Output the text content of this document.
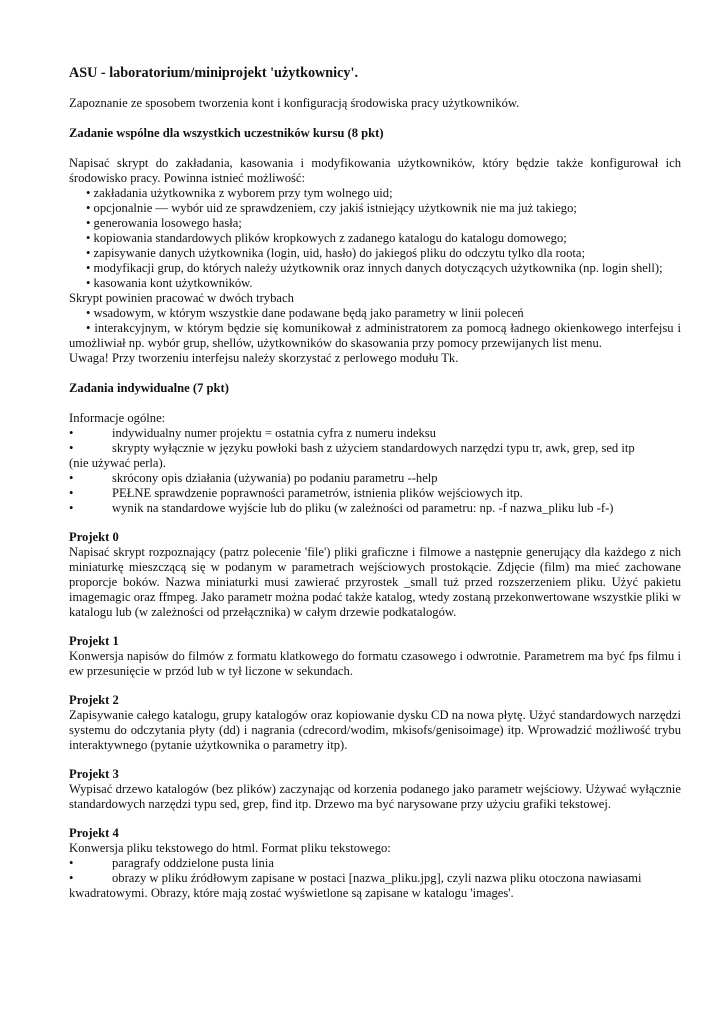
ASU - laboratorium/miniprojekt 'użytkownicy'.

Zapoznanie ze sposobem tworzenia kont i konfiguracją środowiska pracy użytkowników.

Zadanie wspólne dla wszystkich uczestników kursu (8 pkt)

Napisać skrypt do zakładania, kasowania i modyfikowania użytkowników, który będzie także konfigurował ich środowisko pracy. Powinna istnieć możliwość:

• zakładania użytkownika z wyborem przy tym wolnego uid;

• opcjonalnie — wybór uid ze sprawdzeniem, czy jakiś istniejący użytkownik nie ma już takiego;

• generowania losowego hasła;

• kopiowania standardowych plików kropkowych z zadanego katalogu do katalogu domowego;

• zapisywanie danych użytkownika (login, uid, hasło) do jakiegoś pliku do odczytu tylko dla roota;

• modyfikacji grup, do których należy użytkownik oraz innych danych dotyczących użytkownika (np. login shell);

• kasowania kont użytkowników.

Skrypt powinien pracować w dwóch trybach

• wsadowym, w którym wszystkie dane podawane będą jako parametry w linii poleceń

• interakcyjnym, w którym będzie się komunikował z administratorem za pomocą ładnego okienkowego interfejsu i umożliwiał np. wybór grup, shellów, użytkowników do skasowania przy pomocy przewijanych list menu.

Uwaga! Przy tworzeniu interfejsu należy skorzystać z perlowego modułu Tk.

Zadania indywidualne (7 pkt)

Informacje ogólne:

•	indywidualny numer projektu = ostatnia cyfra z numeru indeksu
•	skrypty wyłącznie w języku powłoki bash z użyciem standardowych narzędzi typu tr, awk, grep, sed itp
(nie używać perla).
•	skrócony opis działania (używania) po podaniu parametru --help
•	PEŁNE sprawdzenie poprawności parametrów, istnienia plików wejściowych itp.
•	wynik na standardowe wyjście lub do pliku (w zależności od parametru: np. -f nazwa_pliku lub -f-)

Projekt 0

Napisać skrypt rozpoznający (patrz polecenie 'file') pliki graficzne i filmowe a następnie generujący dla każdego z nich miniaturkę mieszczącą się w podanym w parametrach wejściowych prostokącie. Zdjęcie (film) ma mieć zachowane proporcje boków. Nazwa miniaturki musi zawierać przyrostek _small tuż przed rozszerzeniem pliku. Użyć pakietu imagemagic oraz ffmpeg. Jako parametr można podać także katalog, wtedy zostaną przekonwertowane wszystkie pliki w katalogu lub (w zależności od przełącznika) w całym drzewie podkatalogów.

Projekt 1

Konwersja napisów do filmów z formatu klatkowego do formatu czasowego i odwrotnie. Parametrem ma być fps filmu i ew przesunięcie w przód lub w tył liczone w sekundach.

Projekt 2

Zapisywanie całego katalogu, grupy katalogów oraz kopiowanie dysku CD na nowa płytę. Użyć standardowych narzędzi systemu do odczytania płyty (dd) i nagrania (cdrecord/wodim, mkisofs/genisoimage) itp. Wprowadzić możliwość trybu interaktywnego (pytanie użytkownika o parametry itp).

Projekt 3

Wypisać drzewo katalogów (bez plików) zaczynając od korzenia podanego jako parametr wejściowy. Używać wyłącznie standardowych narzędzi typu sed, grep, find itp. Drzewo ma być narysowane przy użyciu grafiki tekstowej.

Projekt 4

Konwersja pliku tekstowego do html. Format pliku tekstowego:

•	paragrafy oddzielone pusta linia
•	obrazy w pliku źródłowym zapisane w postaci [nazwa_pliku.jpg], czyli nazwa pliku otoczona nawiasami
kwadratowymi. Obrazy, które mają zostać wyświetlone są zapisane w katalogu 'images'.
